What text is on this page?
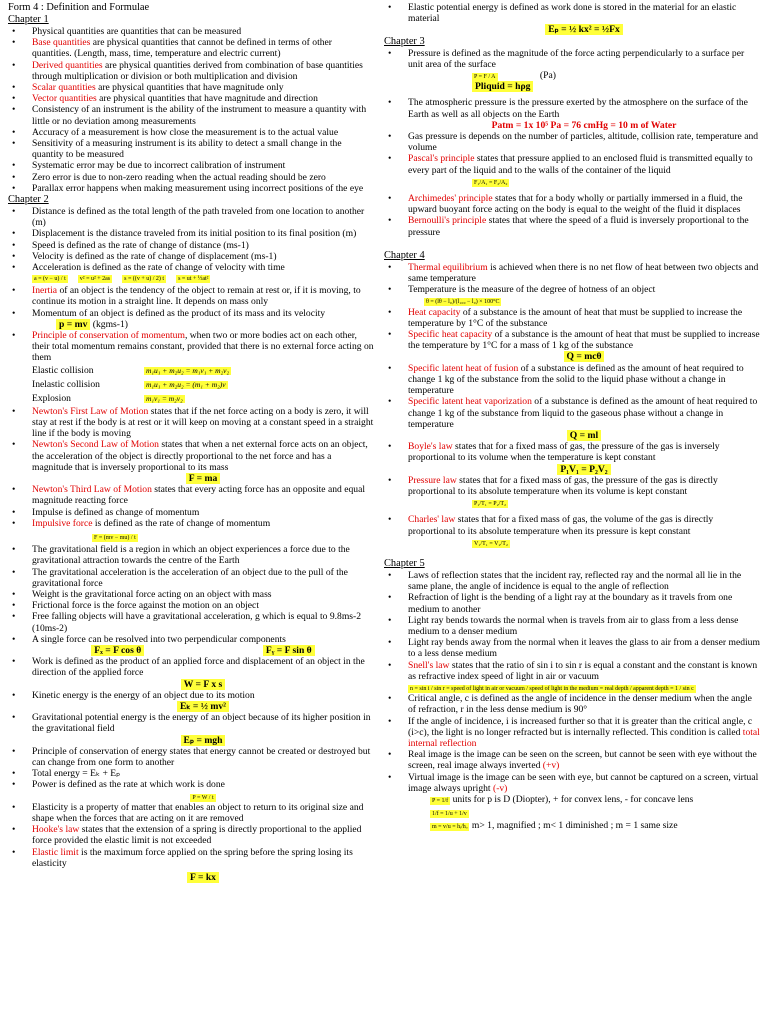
Form 4 : Definition and Formulae
Chapter 1
• Physical quantities are quantities that can be measured
• Base quantities are physical quantities that cannot be defined in terms of other quantities. (Length, mass, time, temperature and electric current)
• Derived quantities are physical quantities derived from combination of base quantities through multiplication or division or both multiplication and division
• Scalar quantities are physical quantities that have magnitude only
• Vector quantities are physical quantities that have magnitude and direction
• Consistency of an instrument is the ability of the instrument to measure a quantity with little or no deviation among measurements
• Accuracy of a measurement is how close the measurement is to the actual value
• Sensitivity of a measuring instrument is its ability to detect a small change in the quantity to be measured
• Systematic error may be due to incorrect calibration of instrument
• Zero error is due to non-zero reading when the actual reading should be zero
• Parallax error happens when making measurement using incorrect positions of the eye
Chapter 2
• Distance is defined as the total length of the path traveled from one location to another (m)
• Displacement is the distance traveled from its initial position to its final position (m)
• Speed is defined as the rate of change of distance (ms-1)
• Velocity is defined as the rate of change of displacement (ms-1)
• Acceleration is defined as the rate of change of velocity with time
a = (v − u) / t	v² = u² + 2as	s = ((v + u) / 2) t	s = ut + ½at²
• Inertia of an object is the tendency of the object to remain at rest or, if it is moving, to continue its motion in a straight line. It depends on mass only
• Momentum of an object is defined as the product of its mass and its velocity
p = mv (kgms-1)
• Principle of conservation of momentum, when two or more bodies act on each other, their total momentum remains constant, provided that there is no external force acting on them
Elastic collision	m₁u₁ + m₂u₂ = m₁v₁ + m₂v₂
Inelastic collision	m₁u₁ + m₂u₂ = (m₁ + m₂)v
Explosion	m₁v₁ = m₂v₂
• Newton's First Law of Motion states that if the net force acting on a body is zero, it will stay at rest if the body is at rest or it will keep on moving at a constant speed in a straight line if the body is moving
• Newton's Second Law of Motion states that when a net external force acts on an object, the acceleration of the object is directly proportional to the net force and has a magnitude that is inversely proportional to its mass
F = ma
• Newton's Third Law of Motion states that every acting force has an opposite and equal magnitude reacting force
• Impulse is defined as change of momentum
• Impulsive force is defined as the rate of change of momentum
F = (mv − mu) / t
• The gravitational field is a region in which an object experiences a force due to the gravitational attraction towards the centre of the Earth
• The gravitational acceleration is the acceleration of an object due to the pull of the gravitational force
• Weight is the gravitational force acting on an object with mass
• Frictional force is the force against the motion on an object
• Free falling objects will have a gravitational acceleration, g which is equal to 9.8ms-2 (10ms-2)
• A single force can be resolved into two perpendicular components
Fₓ = F cos θ	Fᵧ = F sin θ
• Work is defined as the product of an applied force and displacement of an object in the direction of the applied force
W = F x s
• Kinetic energy is the energy of an object due to its motion
Eₖ = ½ mv²
• Gravitational potential energy is the energy of an object because of its higher position in the gravitational field
Eₚ = mgh
• Principle of conservation of energy states that energy cannot be created or destroyed but can change from one form to another
• Total energy = Eₖ + Eₚ
• Power is defined as the rate at which work is done
P = W / t
• Elasticity is a property of matter that enables an object to return to its original size and shape when the forces that are acting on it are removed
• Hooke's law states that the extension of a spring is directly proportional to the applied force provided the elastic limit is not exceeded
• Elastic limit is the maximum force applied on the spring before the spring losing its elasticity
F = kx
• Elastic potential energy is defined as work done is stored in the material for an elastic material
Eₚ = ½ kx² = ½Fx
Chapter 3
• Pressure is defined as the magnitude of the force acting perpendicularly to a surface per unit area of the surface
P = F / A	(Pa)
Pliquid = hρg
• The atmospheric pressure is the pressure exerted by the atmosphere on the surface of the Earth as well as all objects on the Earth
Patm = 1x 10⁵ Pa = 76 cmHg = 10 m of Water
• Gas pressure is depends on the number of particles, altitude, collision rate, temperature and volume
• Pascal's principle states that pressure applied to an enclosed fluid is transmitted equally to every part of the liquid and to the walls of the container of the liquid
F₁/A₁ = F₂/A₂
• Archimedes' principle states that for a body wholly or partially immersed in a fluid, the upward buoyant force acting on the body is equal to the weight of the fluid it displaces
• Bernoulli's principle states that where the speed of a fluid is inversely proportional to the pressure
Chapter 4
• Thermal equilibrium is achieved when there is no net flow of heat between two objects and same temperature
• Temperature is the measure of the degree of hotness of an object
θ = (lθ − l₀)/(l₁₀₀ − l₀) × 100°C
• Heat capacity of a substance is the amount of heat that must be supplied to increase the temperature by 1°C of the substance
• Specific heat capacity of a substance is the amount of heat that must be supplied to increase the temperature by 1°C for a mass of 1 kg of the substance
Q = mcθ
• Specific latent heat of fusion of a substance is defined as the amount of heat required to change 1 kg of the substance from the solid to the liquid phase without a change in temperature
• Specific latent heat vaporization of a substance is defined as the amount of heat required to change 1 kg of the substance from liquid to the gaseous phase without a change in temperature
Q = ml
• Boyle's law states that for a fixed mass of gas, the pressure of the gas is inversely proportional to its volume when the temperature is kept constant
P₁V₁ = P₂V₂
• Pressure law states that for a fixed mass of gas, the pressure of the gas is directly proportional to its absolute temperature when its volume is kept constant
P₁/T₁ = P₂/T₂
• Charles' law states that for a fixed mass of gas, the volume of the gas is directly proportional to its absolute temperature when its pressure is kept constant
V₁/T₁ = V₂/T₂
Chapter 5
• Laws of reflection states that the incident ray, reflected ray and the normal all lie in the same plane, the angle of incidence is equal to the angle of reflection
• Refraction of light is the bending of a light ray at the boundary as it travels from one medium to another
• Light ray bends towards the normal when is travels from air to glass from a less dense medium to a denser medium
• Light ray bends away from the normal when it leaves the glass to air from a denser medium to a less dense medium
• Snell's law states that the ratio of sin i to sin r is equal a constant and the constant is known as refractive index speed of light in air or vacuum
n = sin i / sin r = speed of light in air or vacuum / speed of light in the medium = real depth / apparent depth = 1 / sin c
• Critical angle, c is defined as the angle of incidence in the denser medium when the angle of refraction, r in the less dense medium is 90°
• If the angle of incidence, i is increased further so that it is greater than the critical angle, c (i>c), the light is no longer refracted but is internally reflected. This condition is called total internal reflection
• Real image is the image can be seen on the screen, but cannot be seen with eye without the screen, real image always inverted (+v)
• Virtual image is the image can be seen with eye, but cannot be captured on a screen, virtual image always upright (-v)
P = 1/f units for p is D (Diopter), + for convex lens, - for concave lens
1/f = 1/u + 1/v
m = v/u = hᵢ/hₒ m> 1, magnified ; m< 1 diminished ; m = 1 same size
